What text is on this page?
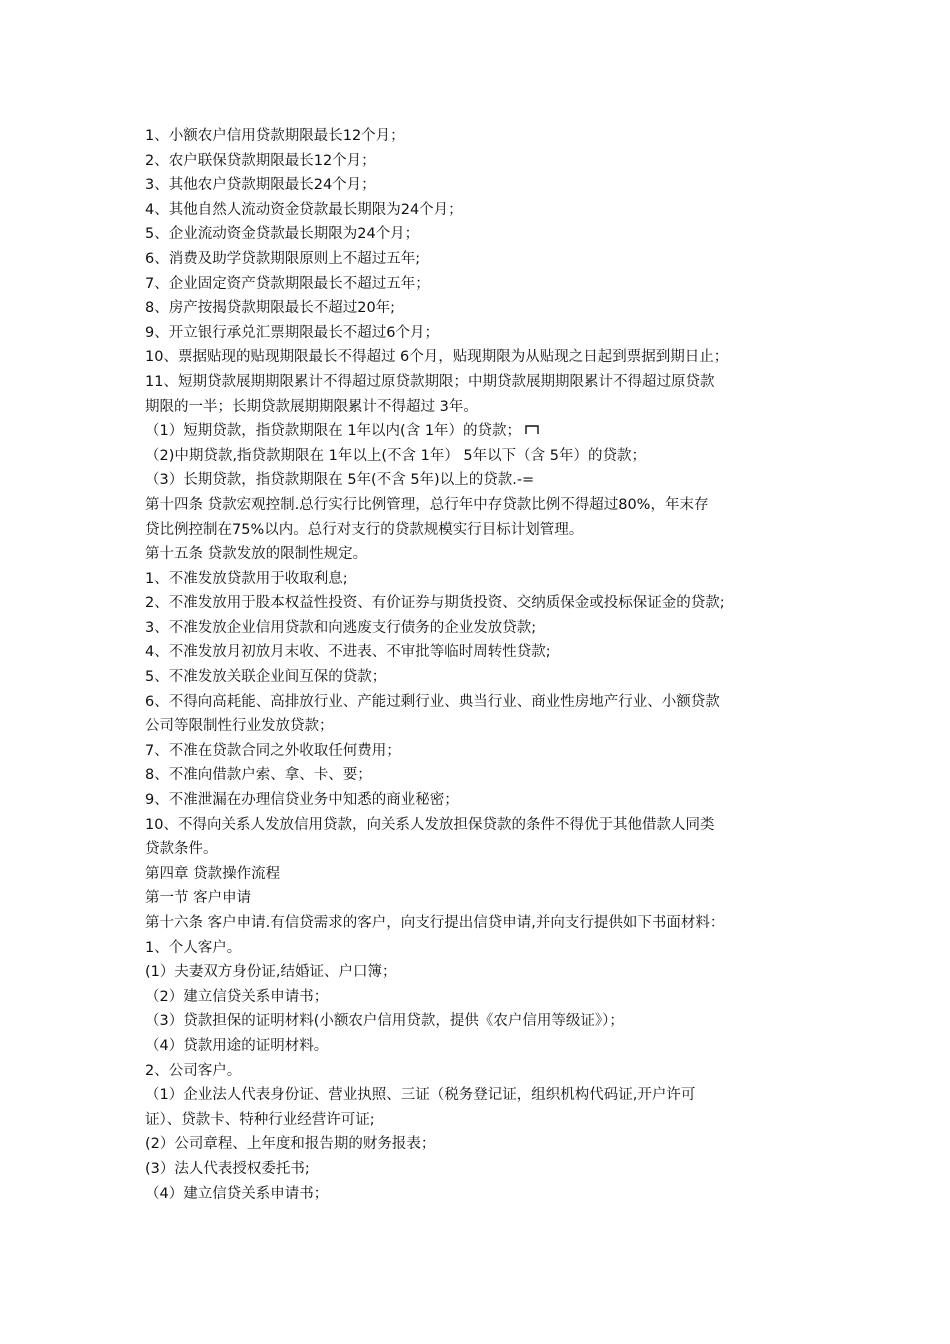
1、小额农户信用贷款期限最长12个月；
2、农户联保贷款期限最长12个月；
3、其他农户贷款期限最长24个月；
4、其他自然人流动资金贷款最长期限为24个月；
5、企业流动资金贷款最长期限为24个月；
6、消费及助学贷款期限原则上不超过五年;
7、企业固定资产贷款期限最长不超过五年；
8、房产按揭贷款期限最长不超过20年;
9、开立银行承兑汇票期限最长不超过6个月；
10、票据贴现的贴现期限最长不得超过 6个月，贴现期限为从贴现之日起到票据到期日止；
11、短期贷款展期期限累计不得超过原贷款期限；中期贷款展期期限累计不得超过原贷款
期限的一半；长期贷款展期期限累计不得超过 3年。
（1）短期贷款，指贷款期限在 1年以内(含 1年）的贷款；
（2)中期贷款,指贷款期限在 1年以上(不含 1年） 5年以下（含 5年）的贷款；
（3）长期贷款，指贷款期限在 5年(不含 5年)以上的贷款.-=
第十四条 贷款宏观控制.总行实行比例管理，总行年中存贷款比例不得超过80%，年末存
贷比例控制在75%以内。总行对支行的贷款规模实行目标计划管理。
第十五条 贷款发放的限制性规定。
1、不准发放贷款用于收取利息;
2、不准发放用于股本权益性投资、有价证券与期货投资、交纳质保金或投标保证金的贷款;
3、不准发放企业信用贷款和向逃废支行债务的企业发放贷款;
4、不准发放月初放月末收、不进表、不审批等临时周转性贷款;
5、不准发放关联企业间互保的贷款；
6、不得向高耗能、高排放行业、产能过剩行业、典当行业、商业性房地产行业、小额贷款
公司等限制性行业发放贷款；
7、不准在贷款合同之外收取任何费用；
8、不准向借款户索、拿、卡、要；
9、不准泄漏在办理信贷业务中知悉的商业秘密；
10、不得向关系人发放信用贷款，向关系人发放担保贷款的条件不得优于其他借款人同类
贷款条件。
第四章 贷款操作流程
第一节 客户申请
第十六条 客户申请.有信贷需求的客户，向支行提出信贷申请,并向支行提供如下书面材料：
1、个人客户。
(1）夫妻双方身份证,结婚证、户口簿；
（2）建立信贷关系申请书；
（3）贷款担保的证明材料(小额农户信用贷款，提供《农户信用等级证》）；
（4）贷款用途的证明材料。
2、公司客户。
（1）企业法人代表身份证、营业执照、三证（税务登记证，组织机构代码证,开户许可
证）、贷款卡、特种行业经营许可证;
(2）公司章程、上年度和报告期的财务报表；
(3）法人代表授权委托书;
（4）建立信贷关系申请书；
